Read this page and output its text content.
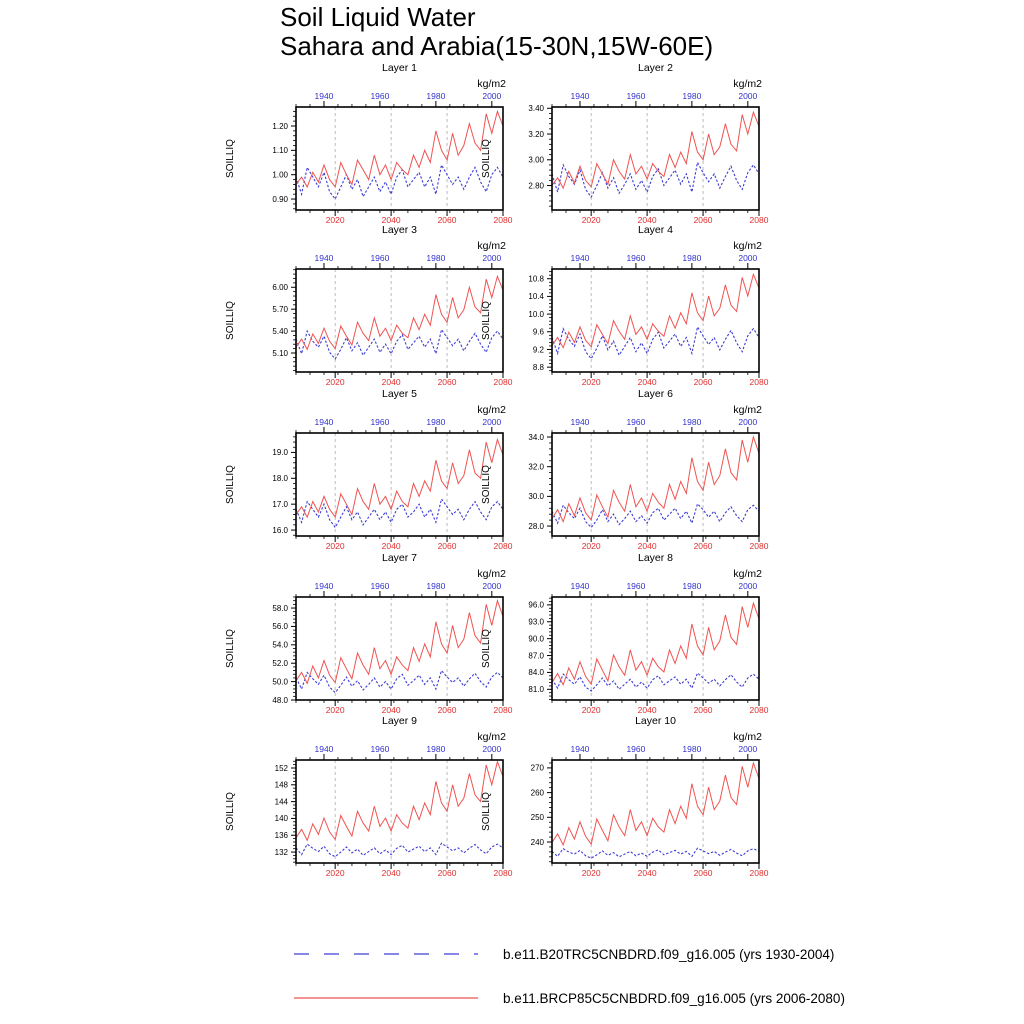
Soil Liquid Water
Sahara and Arabia(15-30N,15W-60E)
Layer 1
kg/m2
SOILLIQ
1940	1960	1980	2000
2020	2040	2060	2080
0.90
1.00
1.10
1.20
Layer 2
kg/m2
SOILLIQ
1940	1960	1980	2000
2020	2040	2060	2080
2.80
3.00
3.20
3.40
Layer 3
kg/m2
SOILLIQ
1940	1960	1980	2000
2020	2040	2060	2080
5.10
5.40
5.70
6.00
Layer 4
kg/m2
SOILLIQ
1940	1960	1980	2000
2020	2040	2060	2080
8.8
9.2
9.6
10.0
10.4
10.8
Layer 5
kg/m2
SOILLIQ
1940	1960	1980	2000
2020	2040	2060	2080
16.0
17.0
18.0
19.0
Layer 6
kg/m2
SOILLIQ
1940	1960	1980	2000
2020	2040	2060	2080
28.0
30.0
32.0
34.0
Layer 7
kg/m2
SOILLIQ
1940	1960	1980	2000
2020	2040	2060	2080
48.0
50.0
52.0
54.0
56.0
58.0
Layer 8
kg/m2
SOILLIQ
1940	1960	1980	2000
2020	2040	2060	2080
81.0
84.0
87.0
90.0
93.0
96.0
Layer 9
kg/m2
SOILLIQ
1940	1960	1980	2000
2020	2040	2060	2080
132
136
140
144
148
152
Layer 10
kg/m2
SOILLIQ
1940	1960	1980	2000
2020	2040	2060	2080
240
250
260
270
b.e11.B20TRC5CNBDRD.f09_g16.005 (yrs 1930-2004)
b.e11.BRCP85C5CNBDRD.f09_g16.005 (yrs 2006-2080)
